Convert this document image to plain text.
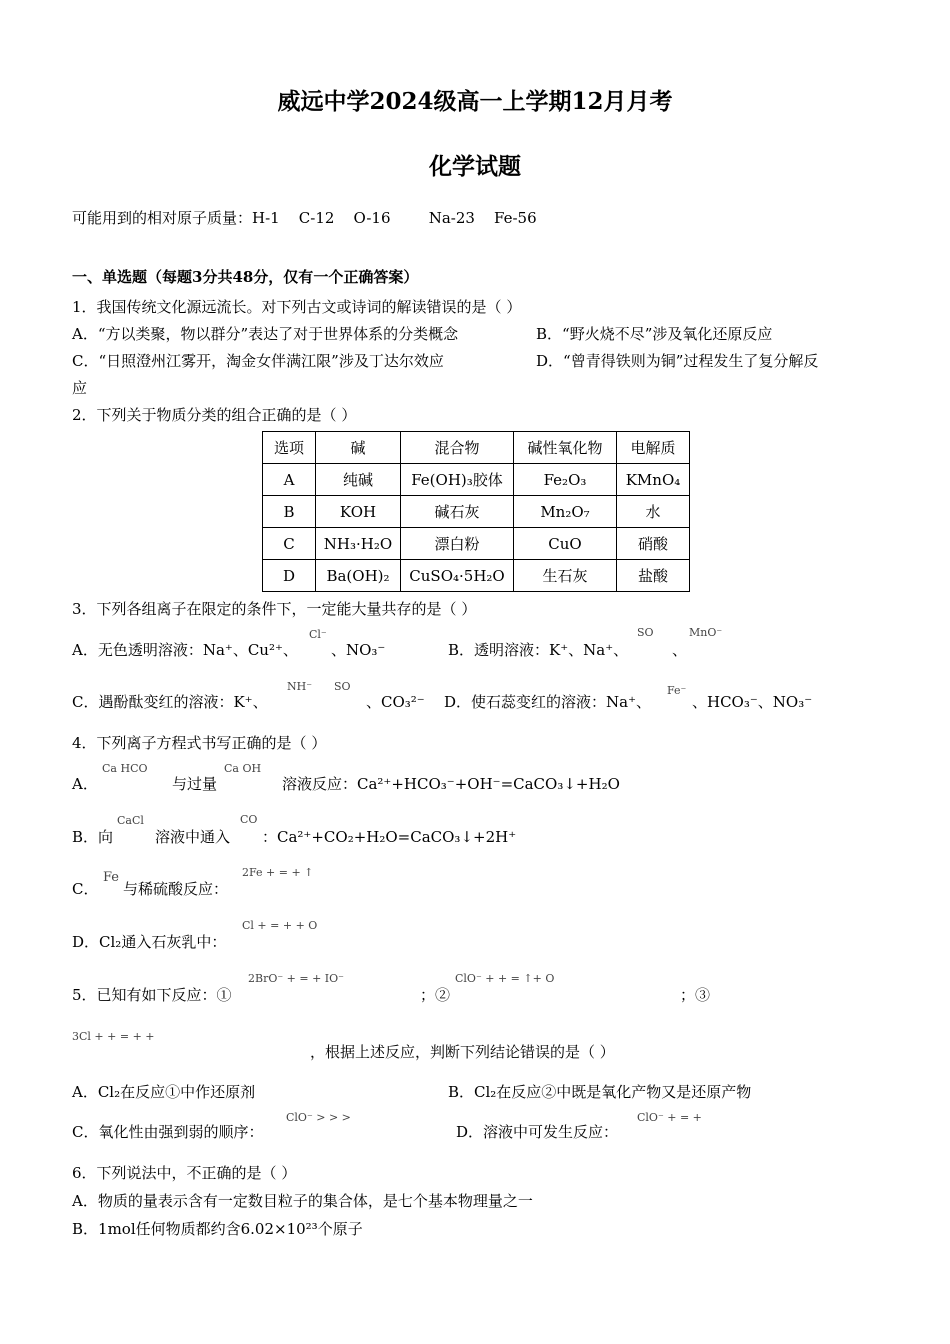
威远中学2024级高一上学期12月月考
化学试题
可能用到的相对原子质量：H-1 C-12 O-16	Na-23 Fe-56
一、单选题（每题3分共48分，仅有一个正确答案）
1．我国传统文化源远流长。对下列古文或诗词的解读错误的是（ ）
A．“方以类聚，物以群分”表达了对于世界体系的分类概念	B．“野火烧不尽”涉及氧化还原反应
C．“日照澄州江雾开，淘金女伴满江限”涉及丁达尔效应	D．“曾青得铁则为铜”过程发生了复分解反
应
2．下列关于物质分类的组合正确的是（ ）
选项	碱	混合物	碱性氧化物	电解质
A	纯碱	Fe(OH)₃胶体	Fe₂O₃	KMnO₄
B	KOH	碱石灰	Mn₂O₇	水
C	NH₃·H₂O	漂白粉	CuO	硝酸
D	Ba(OH)₂	CuSO₄·5H₂O	生石灰	盐酸
3．下列各组离子在限定的条件下，一定能大量共存的是（ ）
A．无色透明溶液：Na⁺、Cu²⁺、
Cl⁻
、NO₃⁻	B．透明溶液：K⁺、Na⁺、
SO
、
MnO⁻
C．遇酚酞变红的溶液：K⁺、
NH⁻ SO
、CO₃²⁻ D．使石蕊变红的溶液：Na⁺、
Fe⁻
、HCO₃⁻、NO₃⁻
4．下列离子方程式书写正确的是（ ）
A．
Ca HCO
与过量
Ca OH
溶液反应：Ca²⁺+HCO₃⁻+OH⁻=CaCO₃↓+H₂O
B．向
CaCl
溶液中通入
CO
：Ca²⁺+CO₂+H₂O=CaCO₃↓+2H⁺
C．
Fe
与稀硫酸反应：
2Fe + = + ↑
D．Cl₂通入石灰乳中：
Cl + = + + O
5．已知有如下反应：①
2BrO⁻ + = + IO⁻
；②
ClO⁻ + + = ↑+ O
；③
3Cl + + = + +
，根据上述反应，判断下列结论错误的是（ ）
A．Cl₂在反应①中作还原剂	B．Cl₂在反应②中既是氧化产物又是还原产物
C．氧化性由强到弱的顺序：
ClO⁻ > > >
D．溶液中可发生反应：
ClO⁻ + = +
6．下列说法中，不正确的是（ ）
A．物质的量表示含有一定数目粒子的集合体，是七个基本物理量之一
B．1mol任何物质都约含6.02×10²³个原子
